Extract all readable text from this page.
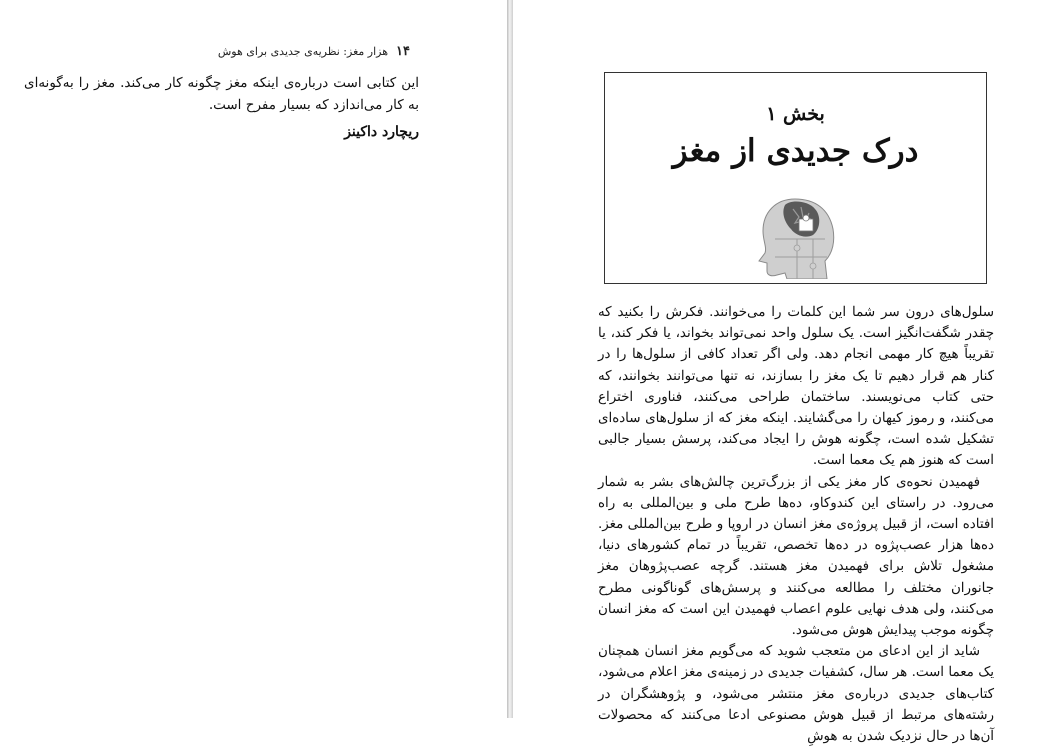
۱۴هزار مغز: نظریه‌ی جدیدی برای هوش

این کتابی است درباره‌ی اینکه مغز چگونه کار می‌کند. مغز را به‌گونه‌ای به کار می‌اندازد که بسیار مفرح است.

ریچارد داکینز
بخش ۱
درک جدیدی از مغز

سلول‌های درون سر شما این کلمات را می‌خوانند. فکرش را بکنید که چقدر شگفت‌انگیز است. یک سلول واحد نمی‌تواند بخواند، یا فکر کند، یا تقریباً هیچ کار مهمی انجام دهد. ولی اگر تعداد کافی از سلول‌ها را در کنار هم قرار دهیم تا یک مغز را بسازند، نه تنها می‌توانند بخوانند، که حتی کتاب می‌نویسند. ساختمان طراحی می‌کنند، فناوری اختراع می‌کنند، و رموز کیهان را می‌گشایند. اینکه مغز که از سلول‌های ساده‌ای تشکیل شده است، چگونه هوش را ایجاد می‌کند، پرسش بسیار جالبی است که هنوز هم یک معما است.

فهمیدن نحوه‌ی کار مغز یکی از بزرگ‌ترین چالش‌های بشر به شمار می‌رود. در راستای این کندوکاو، ده‌ها طرح ملی و بین‌المللی به راه افتاده است، از قبیل پروژه‌ی مغز انسان در اروپا و طرح بین‌المللی مغز. ده‌ها هزار عصب‌پژوه در ده‌ها تخصص، تقریباً در تمام کشورهای دنیا، مشغول تلاش برای فهمیدن مغز هستند. گرچه عصب‌پژوهان مغز جانوران مختلف را مطالعه می‌کنند و پرسش‌های گوناگونی مطرح می‌کنند، ولی هدف نهایی علوم اعصاب فهمیدن این است که مغز انسان چگونه موجب پیدایش هوش می‌شود.

شاید از این ادعای من متعجب شوید که می‌گویم مغز انسان همچنان یک معما است. هر سال، کشفیات جدیدی در زمینه‌ی مغز اعلام می‌شود، کتاب‌های جدیدی درباره‌ی مغز منتشر می‌شود، و پژوهشگران در رشته‌های مرتبط از قبیل هوش مصنوعی ادعا می‌کنند که محصولات آن‌ها در حال نزدیک شدن به هوشِ
